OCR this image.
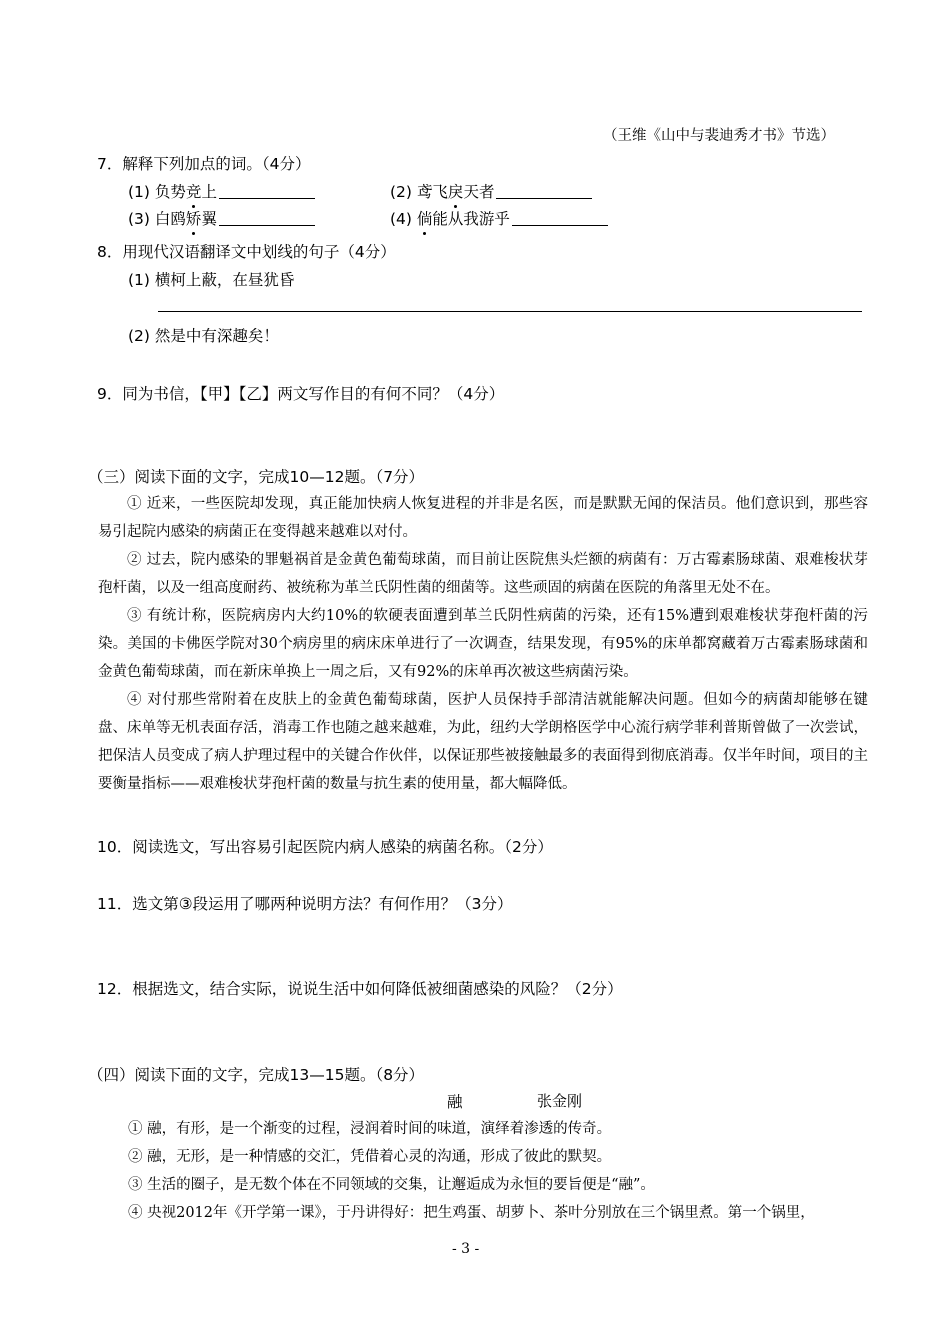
（王维《山中与裴迪秀才书》节选）
7．解释下列加点的词。（4分）
(1) 负势竞上	(2) 鸢飞戾天者
(3) 白鸥矫翼	(4) 倘能从我游乎
8．用现代汉语翻译文中划线的句子（4分）
(1) 横柯上蔽，在昼犹昏
(2) 然是中有深趣矣！
9．同为书信，【甲】【乙】两文写作目的有何不同？（4分）
（三）阅读下面的文字，完成10—12题。（7分）

① 近来，一些医院却发现，真正能加快病人恢复进程的并非是名医，而是默默无闻的保洁员。他们意识到，那些容易引起院内感染的病菌正在变得越来越难以对付。

② 过去，院内感染的罪魁祸首是金黄色葡萄球菌，而目前让医院焦头烂额的病菌有：万古霉素肠球菌、艰难梭状芽孢杆菌，以及一组高度耐药、被统称为革兰氏阴性菌的细菌等。这些顽固的病菌在医院的角落里无处不在。

③ 有统计称，医院病房内大约10%的软硬表面遭到革兰氏阴性病菌的污染，还有15%遭到艰难梭状芽孢杆菌的污染。美国的卡佛医学院对30个病房里的病床床单进行了一次调查，结果发现，有95%的床单都窝藏着万古霉素肠球菌和金黄色葡萄球菌，而在新床单换上一周之后，又有92%的床单再次被这些病菌污染。

④ 对付那些常附着在皮肤上的金黄色葡萄球菌，医护人员保持手部清洁就能解决问题。但如今的病菌却能够在键盘、床单等无机表面存活，消毒工作也随之越来越难，为此，纽约大学朗格医学中心流行病学菲利普斯曾做了一次尝试，把保洁人员变成了病人护理过程中的关键合作伙伴，以保证那些被接触最多的表面得到彻底消毒。仅半年时间，项目的主要衡量指标——艰难梭状芽孢杆菌的数量与抗生素的使用量，都大幅降低。

10．阅读选文，写出容易引起医院内病人感染的病菌名称。（2分）
11．选文第③段运用了哪两种说明方法？有何作用？（3分）
12．根据选文，结合实际，说说生活中如何降低被细菌感染的风险？（2分）
（四）阅读下面的文字，完成13—15题。（8分）
融	张金刚

① 融，有形，是一个渐变的过程，浸润着时间的味道，演绎着渗透的传奇。

② 融，无形，是一种情感的交汇，凭借着心灵的沟通，形成了彼此的默契。

③ 生活的圈子，是无数个体在不同领域的交集，让邂逅成为永恒的要旨便是“融”。

④ 央视2012年《开学第一课》，于丹讲得好：把生鸡蛋、胡萝卜、茶叶分别放在三个锅里煮。第一个锅里，

- 3 -
